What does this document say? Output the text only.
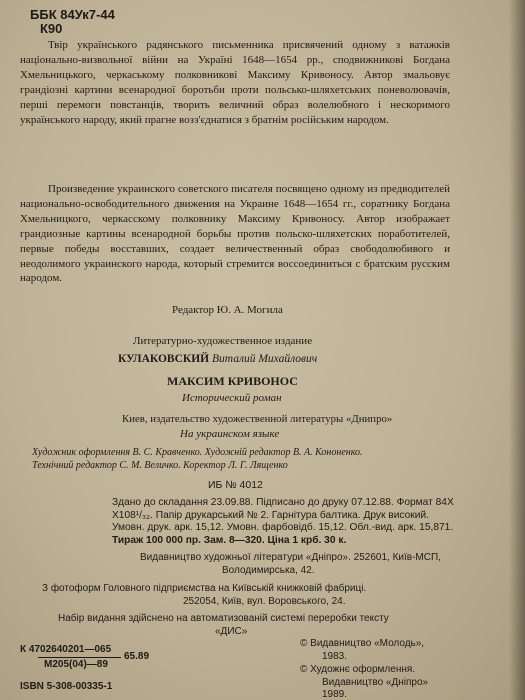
ББК 84Ук7-44
К90

Твір українського радянського письменника присвячений одному з ватажків національно-визвольної війни на Україні 1648—1654 рр., сподвижникові Богдана Хмельницького, черкаському полковникові Максиму Кривоносу. Автор змальовує грандіозні картини всенародної боротьби проти польсько-шляхетських поневолювачів, перші перемоги повстанців, творить величний образ волелюбного і нескоримого українського народу, який прагне возз'єднатися з братнім російським народом.

Произведение украинского советского писателя посвящено одному из предводителей национально-освободительного движения на Украине 1648—1654 гг., соратнику Богдана Хмельницкого, черкасскому полковнику Максиму Кривоносу. Автор изображает грандиозные картины всенародной борьбы против польско-шляхетских поработителей, первые победы восставших, создает величественный образ свободолюбивого и неодолимого украинского народа, который стремится воссоединиться с братским русским народом.

Редактор Ю. А. Могила
Литературно-художественное издание
КУЛАКОВСКИЙ Виталий Михайлович
МАКСИМ КРИВОНОС
Исторический роман
Киев, издательство художественной литературы «Днипро»
На украинском языке
Художник оформлення В. С. Кравченко. Художній редактор В. А. Кононенко.
Технічний редактор С. М. Величко. Коректор Л. Г. Лященко
ИБ № 4012
Здано до складання 23.09.88. Підписано до друку 07.12.88. Формат 84Х
Х108¹/₃₂. Папір друкарський № 2. Гарнітура балтика. Друк високий.
Умовн. друк. арк. 15,12. Умовн. фарбовідб. 15,12. Обл.-вид. арк. 15,871.
Тираж 100 000 пр. Зам. 8—320. Ціна 1 крб. 30 к.
Видавництво художньої літератури «Дніпро». 252601, Київ-МСП,
Володимирська, 42.
З фотоформ Головного підприємства на Київській книжковій фабриці.
252054, Київ, вул. Воровського, 24.
Набір видання здійснено на автоматизованій системі переробки тексту
«ДИС»
К 4702640201—065
М205(04)—89
65.89
ISBN 5-308-00335-1
© Видавництво «Молодь»,
1983.
© Художнє оформлення.
Видавництво «Дніпро»
1989.
